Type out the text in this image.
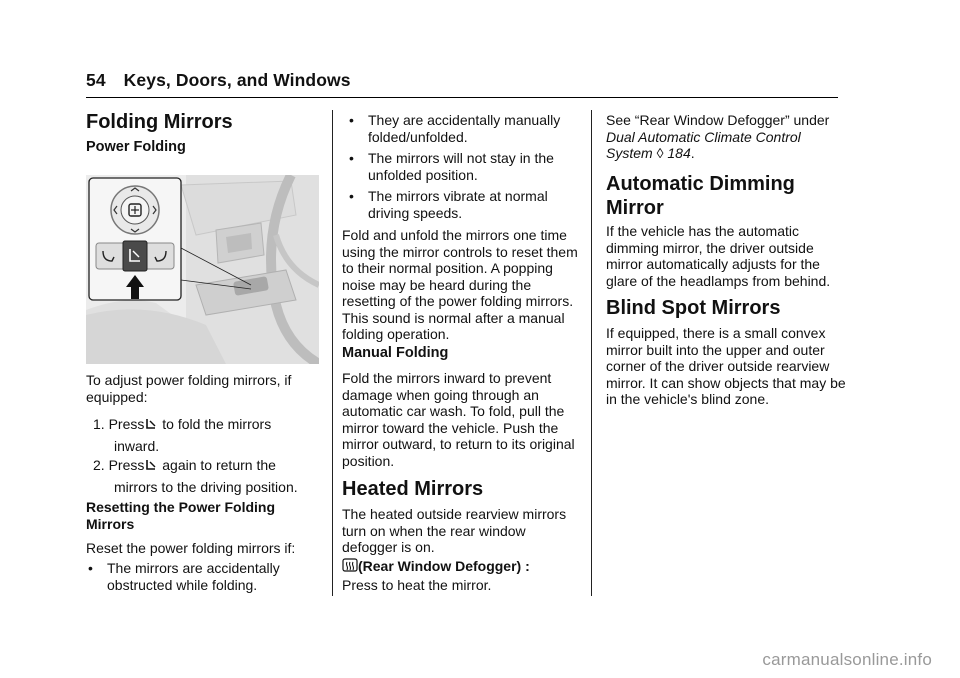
54 Keys, Doors, and Windows
Folding Mirrors
Power Folding
To adjust power folding mirrors, if equipped:
1. Press to fold the mirrors
inward.
2. Press again to return the
mirrors to the driving position.
Resetting the Power Folding Mirrors
Reset the power folding mirrors if:
• The mirrors are accidentally obstructed while folding.
• They are accidentally manually folded/unfolded.
• The mirrors will not stay in the unfolded position.
• The mirrors vibrate at normal driving speeds.
Fold and unfold the mirrors one time using the mirror controls to reset them to their normal position. A popping noise may be heard during the resetting of the power folding mirrors. This sound is normal after a manual folding operation.
Manual Folding
Fold the mirrors inward to prevent damage when going through an automatic car wash. To fold, pull the mirror toward the vehicle. Push the mirror outward, to return to its original position.
Heated Mirrors
The heated outside rearview mirrors turn on when the rear window defogger is on.
(Rear Window Defogger) :
Press to heat the mirror.
See “Rear Window Defogger” under
Dual Automatic Climate Control System ◊ 184.
Automatic Dimming Mirror
If the vehicle has the automatic dimming mirror, the driver outside mirror automatically adjusts for the glare of the headlamps from behind.
Blind Spot Mirrors
If equipped, there is a small convex mirror built into the upper and outer corner of the driver outside rearview mirror. It can show objects that may be in the vehicle's blind zone.
carmanualsonline.info
